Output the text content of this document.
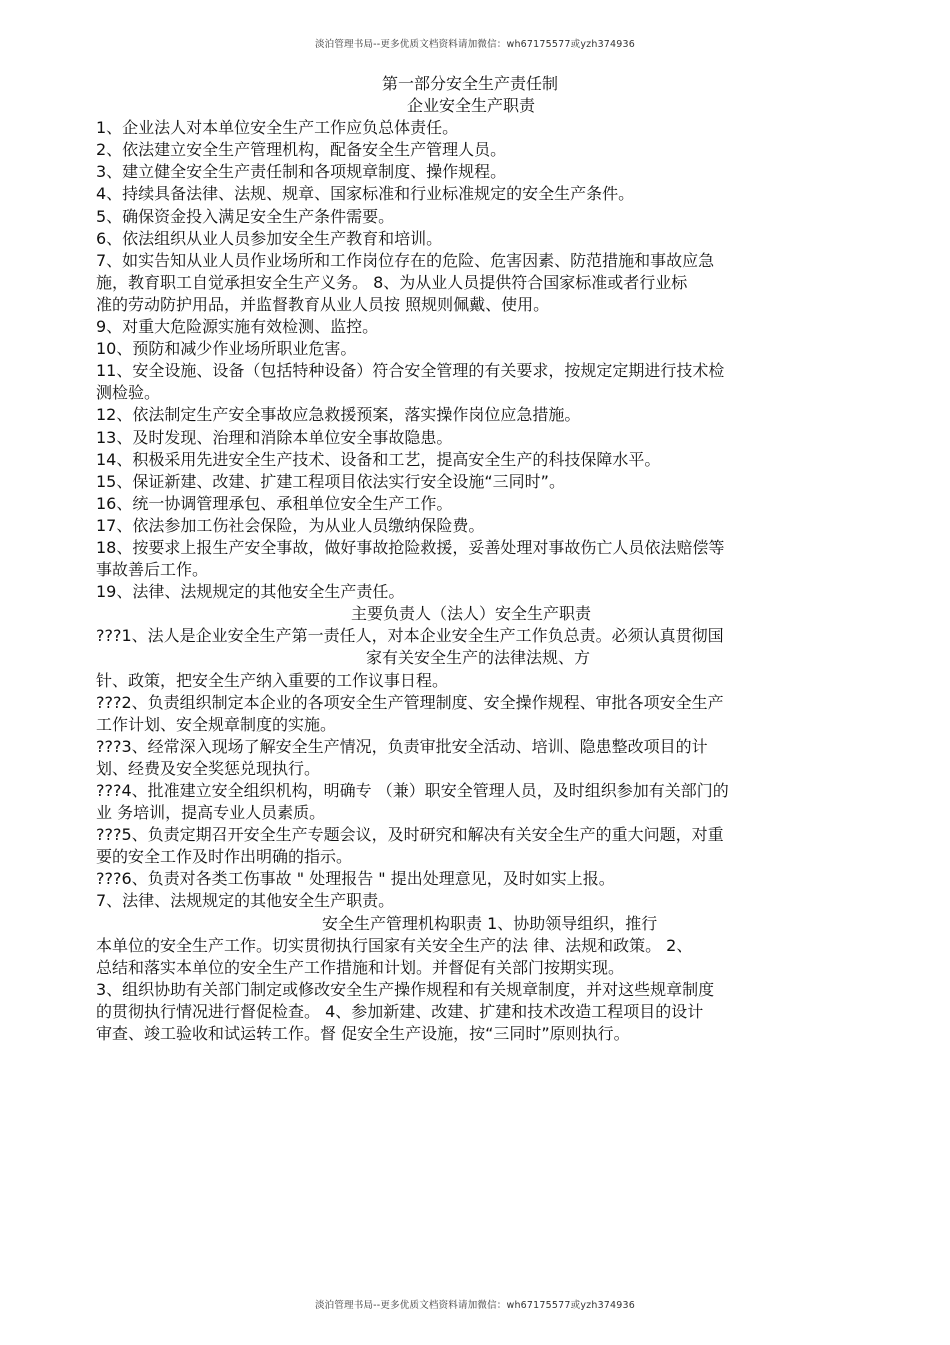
淡泊管理书局--更多优质文档资料请加微信：wh67175577或yzh374936
第一部分安全生产责任制
企业安全生产职责
1、企业法人对本单位安全生产工作应负总体责任。
2、依法建立安全生产管理机构，配备安全生产管理人员。
3、建立健全安全生产责任制和各项规章制度、操作规程。
4、持续具备法律、法规、规章、国家标准和行业标准规定的安全生产条件。
5、确保资金投入满足安全生产条件需要。
6、依法组织从业人员参加安全生产教育和培训。
7、如实告知从业人员作业场所和工作岗位存在的危险、危害因素、防范措施和事故应急
施，教育职工自觉承担安全生产义务。 8、为从业人员提供符合国家标准或者行业标
准的劳动防护用品，并监督教育从业人员按 照规则佩戴、使用。
9、对重大危险源实施有效检测、监控。
10、预防和减少作业场所职业危害。
11、安全设施、设备（包括特种设备）符合安全管理的有关要求，按规定定期进行技术检
测检验。
12、依法制定生产安全事故应急救援预案，落实操作岗位应急措施。
13、及时发现、治理和消除本单位安全事故隐患。
14、积极采用先进安全生产技术、设备和工艺，提高安全生产的科技保障水平。
15、保证新建、改建、扩建工程项目依法实行安全设施“三同时”。
16、统一协调管理承包、承租单位安全生产工作。
17、依法参加工伤社会保险，为从业人员缴纳保险费。
18、按要求上报生产安全事故，做好事故抢险救援，妥善处理对事故伤亡人员依法赔偿等
事故善后工作。
19、法律、法规规定的其他安全生产责任。
主要负责人（法人）安全生产职责
???1、法人是企业安全生产第一责任人，对本企业安全生产工作负总责。必须认真贯彻国
家有关安全生产的法律法规、方
针、政策，把安全生产纳入重要的工作议事日程。
???2、负责组织制定本企业的各项安全生产管理制度、安全操作规程、审批各项安全生产
工作计划、安全规章制度的实施。
???3、经常深入现场了解安全生产情况，负责审批安全活动、培训、隐患整改项目的计
划、经费及安全奖惩兑现执行。
???4、批准建立安全组织机构，明确专 （兼）职安全管理人员，及时组织参加有关部门的
业 务培训，提高专业人员素质。
???5、负责定期召开安全生产专题会议，及时研究和解决有关安全生产的重大问题，对重
要的安全工作及时作出明确的指示。
???6、负责对各类工伤事故 " 处理报告 " 提出处理意见，及时如实上报。
7、法律、法规规定的其他安全生产职责。
安全生产管理机构职责 1、协助领导组织，推行
本单位的安全生产工作。切实贯彻执行国家有关安全生产的法 律、法规和政策。 2、
总结和落实本单位的安全生产工作措施和计划。并督促有关部门按期实现。
3、组织协助有关部门制定或修改安全生产操作规程和有关规章制度，并对这些规章制度
的贯彻执行情况进行督促检查。 4、参加新建、改建、扩建和技术改造工程项目的设计
审查、竣工验收和试运转工作。督 促安全生产设施，按“三同时”原则执行。
淡泊管理书局--更多优质文档资料请加微信：wh67175577或yzh374936
